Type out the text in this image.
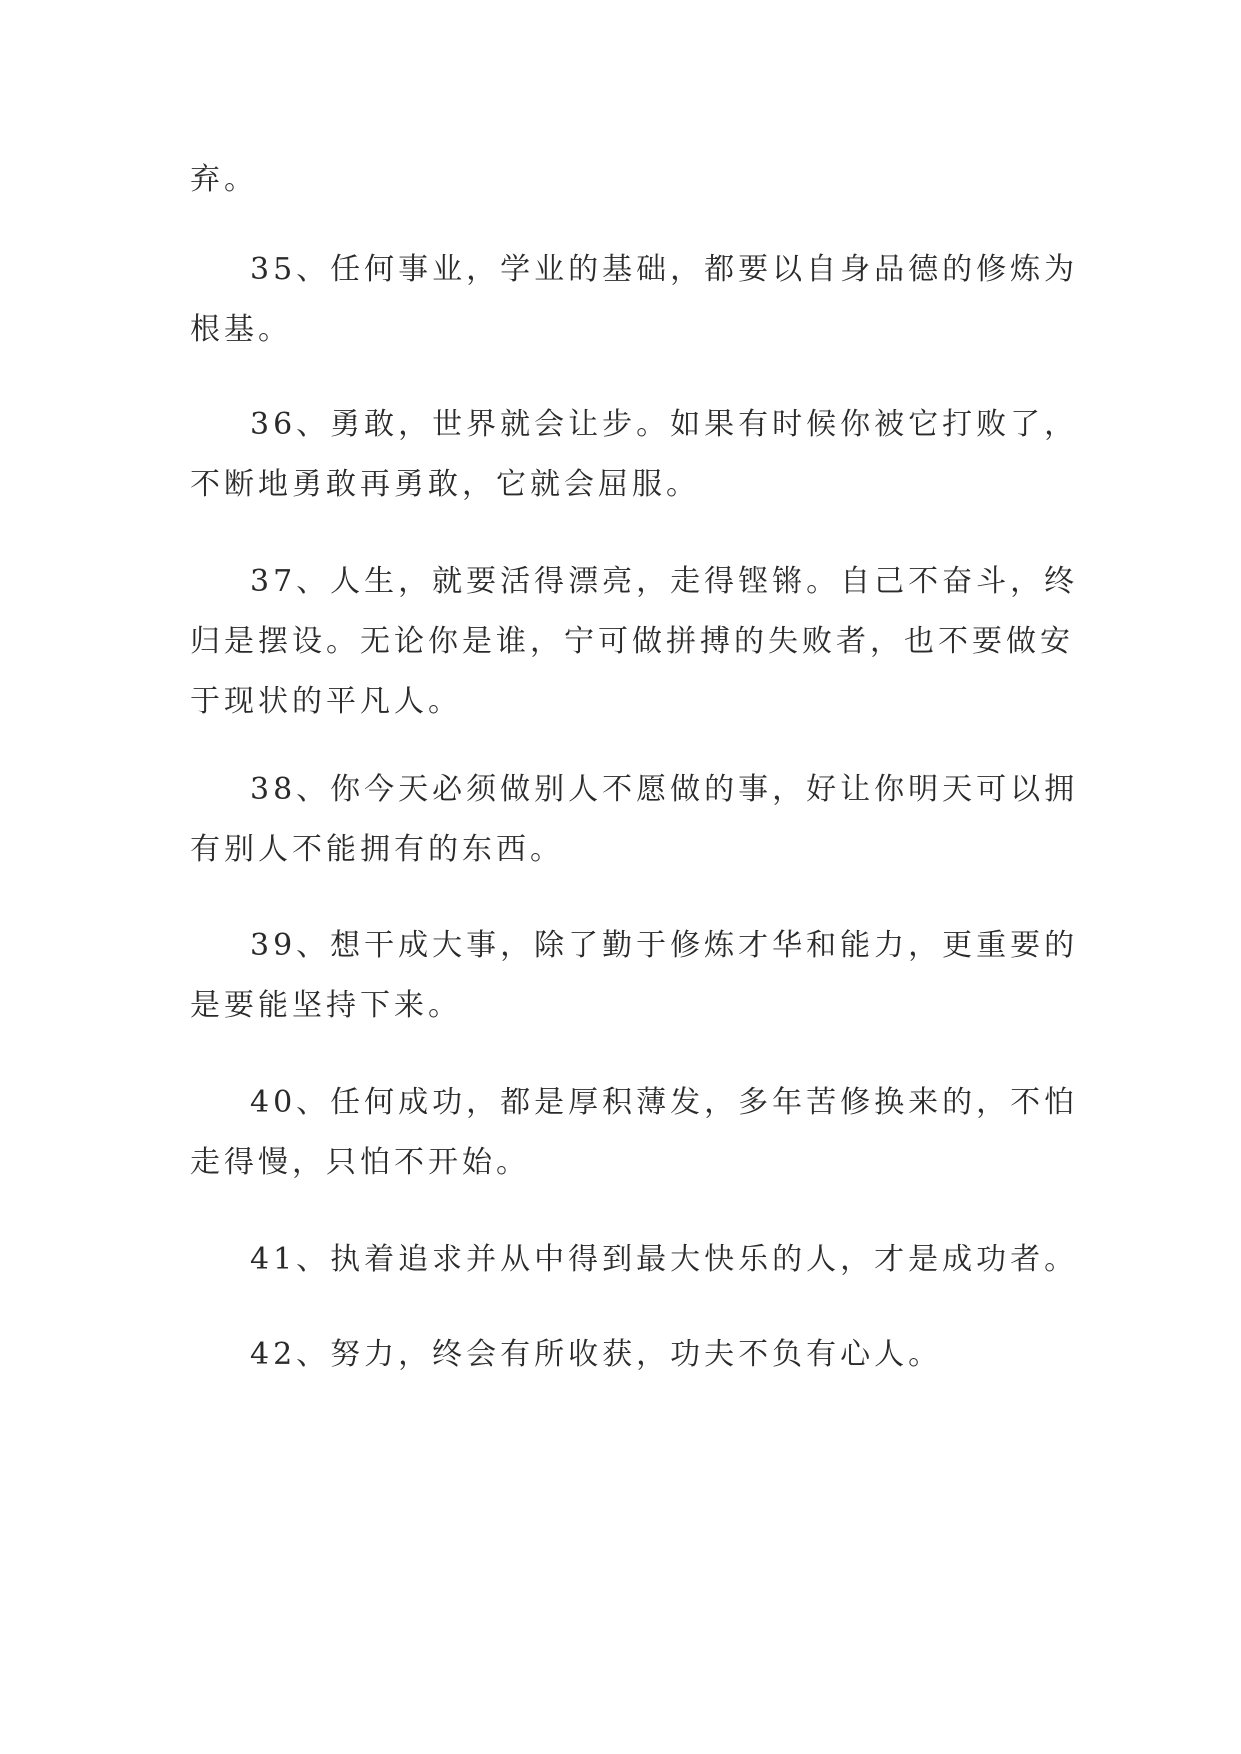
弃。

35、任何事业，学业的基础，都要以自身品德的修炼为
根基。

36、勇敢，世界就会让步。如果有时候你被它打败了，
不断地勇敢再勇敢，它就会屈服。

37、人生，就要活得漂亮，走得铿锵。自己不奋斗，终
归是摆设。无论你是谁，宁可做拼搏的失败者，也不要做安
于现状的平凡人。

38、你今天必须做别人不愿做的事，好让你明天可以拥
有别人不能拥有的东西。

39、想干成大事，除了勤于修炼才华和能力，更重要的
是要能坚持下来。

40、任何成功，都是厚积薄发，多年苦修换来的，不怕
走得慢，只怕不开始。

41、执着追求并从中得到最大快乐的人，才是成功者。

42、努力，终会有所收获，功夫不负有心人。
